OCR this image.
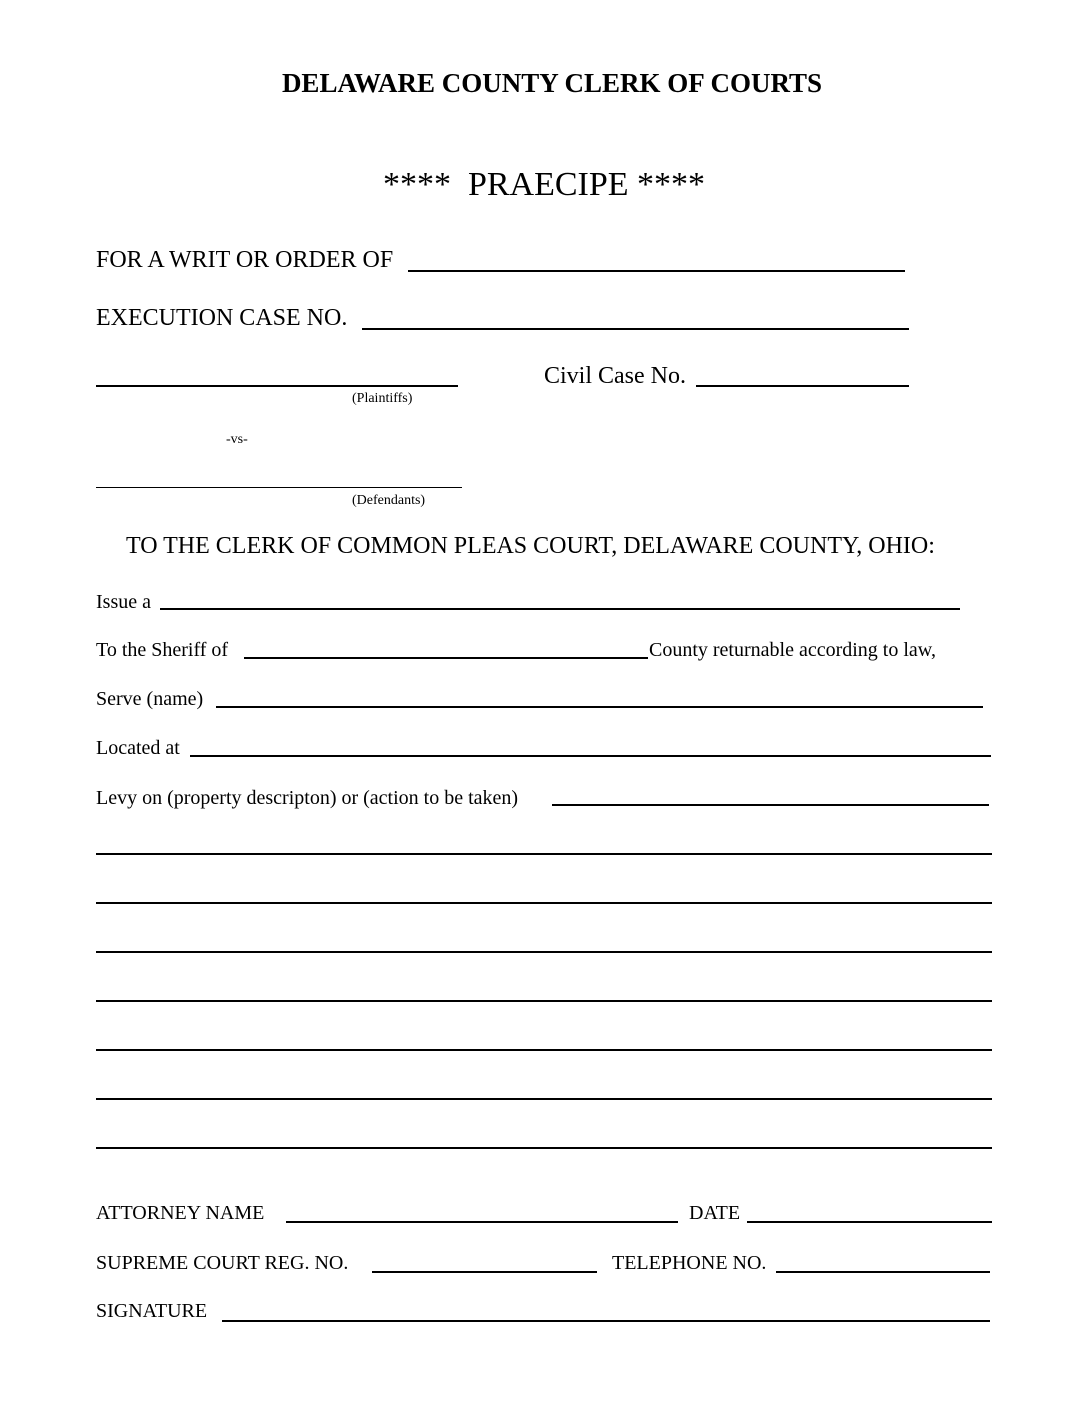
DELAWARE COUNTY CLERK OF COURTS
****  PRAECIPE ****
FOR A WRIT OR ORDER OF
EXECUTION CASE NO.
(Plaintiffs)
Civil Case No.
-vs-
(Defendants)
TO THE CLERK OF COMMON PLEAS COURT, DELAWARE COUNTY, OHIO:
Issue a
To the Sheriff of	County returnable according to law,
Serve (name)
Located at
Levy on (property descripton) or (action to be taken)
ATTORNEY NAME	DATE
SUPREME COURT REG. NO.	TELEPHONE NO.
SIGNATURE
